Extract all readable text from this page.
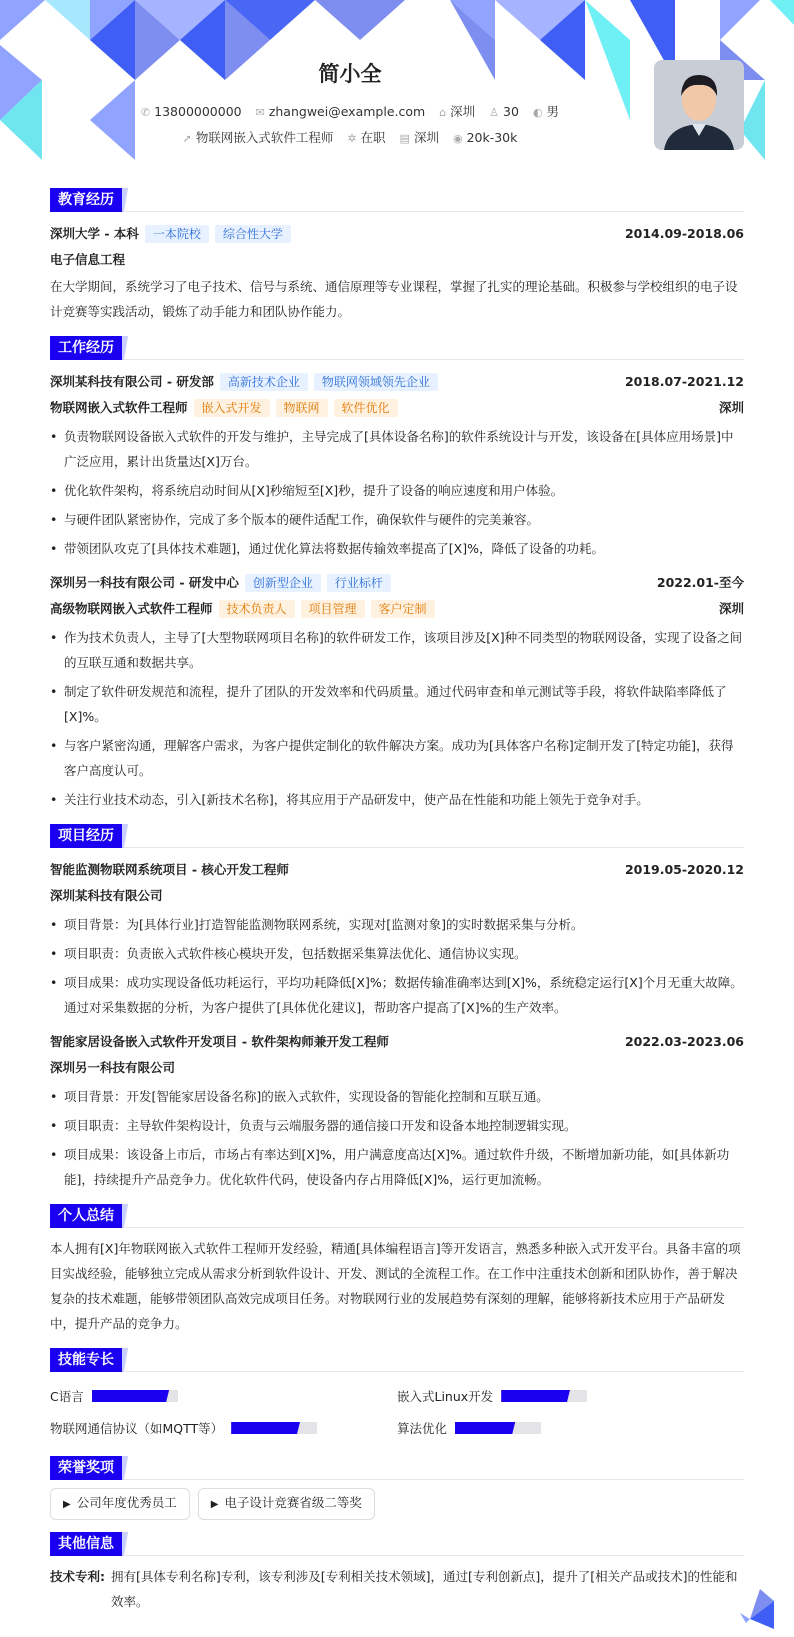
简小全
✆ 13800000000 ✉ zhangwei@example.com ⌂ 深圳 ♙ 30 ◐ 男
➚ 物联网嵌入式软件工程师 ✲ 在职 ▤ 深圳 ◉ 20k-30k
教育经历
深圳大学 - 本科 一本院校 综合性大学	2014.09-2018.06
电子信息工程

在大学期间，系统学习了电子技术、信号与系统、通信原理等专业课程，掌握了扎实的理论基础。积极参与学校组织的电子设计竞赛等实践活动，锻炼了动手能力和团队协作能力。

工作经历
深圳某科技有限公司 - 研发部 高新技术企业 物联网领域领先企业	2018.07-2021.12
物联网嵌入式软件工程师 嵌入式开发 物联网 软件优化	深圳
• 负责物联网设备嵌入式软件的开发与维护，主导完成了[具体设备名称]的软件系统设计与开发，该设备在[具体应用场景]中广泛应用，累计出货量达[X]万台。
• 优化软件架构，将系统启动时间从[X]秒缩短至[X]秒，提升了设备的响应速度和用户体验。
• 与硬件团队紧密协作，完成了多个版本的硬件适配工作，确保软件与硬件的完美兼容。
• 带领团队攻克了[具体技术难题]，通过优化算法将数据传输效率提高了[X]%，降低了设备的功耗。
深圳另一科技有限公司 - 研发中心 创新型企业 行业标杆	2022.01-至今
高级物联网嵌入式软件工程师 技术负责人 项目管理 客户定制	深圳
• 作为技术负责人，主导了[大型物联网项目名称]的软件研发工作，该项目涉及[X]种不同类型的物联网设备，实现了设备之间的互联互通和数据共享。
• 制定了软件研发规范和流程，提升了团队的开发效率和代码质量。通过代码审查和单元测试等手段，将软件缺陷率降低了[X]%。
• 与客户紧密沟通，理解客户需求，为客户提供定制化的软件解决方案。成功为[具体客户名称]定制开发了[特定功能]，获得客户高度认可。
• 关注行业技术动态，引入[新技术名称]，将其应用于产品研发中，使产品在性能和功能上领先于竞争对手。
项目经历
智能监测物联网系统项目 - 核心开发工程师	2019.05-2020.12
深圳某科技有限公司
• 项目背景：为[具体行业]打造智能监测物联网系统，实现对[监测对象]的实时数据采集与分析。
• 项目职责：负责嵌入式软件核心模块开发，包括数据采集算法优化、通信协议实现。
• 项目成果：成功实现设备低功耗运行，平均功耗降低[X]%；数据传输准确率达到[X]%，系统稳定运行[X]个月无重大故障。通过对采集数据的分析，为客户提供了[具体优化建议]，帮助客户提高了[X]%的生产效率。
智能家居设备嵌入式软件开发项目 - 软件架构师兼开发工程师	2022.03-2023.06
深圳另一科技有限公司
• 项目背景：开发[智能家居设备名称]的嵌入式软件，实现设备的智能化控制和互联互通。
• 项目职责：主导软件架构设计，负责与云端服务器的通信接口开发和设备本地控制逻辑实现。
• 项目成果：该设备上市后，市场占有率达到[X]%，用户满意度高达[X]%。通过软件升级，不断增加新功能，如[具体新功能]，持续提升产品竞争力。优化软件代码，使设备内存占用降低[X]%，运行更加流畅。
个人总结

本人拥有[X]年物联网嵌入式软件工程师开发经验，精通[具体编程语言]等开发语言，熟悉多种嵌入式开发平台。具备丰富的项目实战经验，能够独立完成从需求分析到软件设计、开发、测试的全流程工作。在工作中注重技术创新和团队协作，善于解决复杂的技术难题，能够带领团队高效完成项目任务。对物联网行业的发展趋势有深刻的理解，能够将新技术应用于产品研发中，提升产品的竞争力。

技能专长
C语言	嵌入式Linux开发
物联网通信协议（如MQTT等）	算法优化
荣誉奖项
▶ 公司年度优秀员工	▶ 电子设计竞赛省级二等奖
其他信息
技术专利: 拥有[具体专利名称]专利，该专利涉及[专利相关技术领域]，通过[专利创新点]，提升了[相关产品或技术]的性能和效率。
